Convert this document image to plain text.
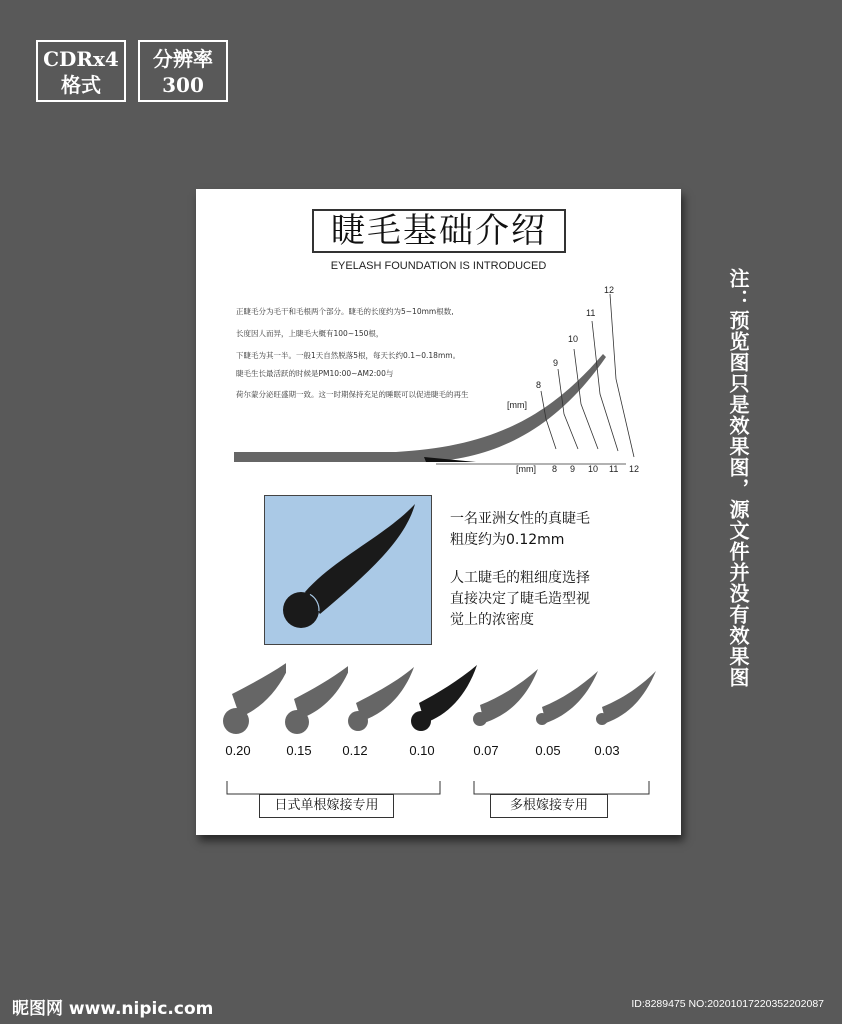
CDRx4
格式
分辨率
300
注：预览图只是效果图，源文件并没有效果图
睫毛基础介绍
EYELASH FOUNDATION IS INTRODUCED
正睫毛分为毛干和毛根两个部分。睫毛的长度约为5~10mm根数,
长度因人而异，上睫毛大概有100~150根，
下睫毛为其一半。一般1天自然脱落5根，每天长约0.1~0.18mm。
睫毛生长最活跃的时候是PM10:00~AM2:00与
荷尔蒙分泌旺盛期一致。这一时期保持充足的睡眠可以促进睫毛的再生
[mm]
8
9
10
11
12
[mm] 8 9 10 11 12
一名亚洲女性的真睫毛
粗度约为0.12mm
人工睫毛的粗细度选择
直接决定了睫毛造型视
觉上的浓密度
0.20	0.15	0.12	0.10	0.07	0.05	0.03
日式单根嫁接专用	多根嫁接专用
昵图网 www.nipic.com	ID:8289475 NO:20201017220352202087
